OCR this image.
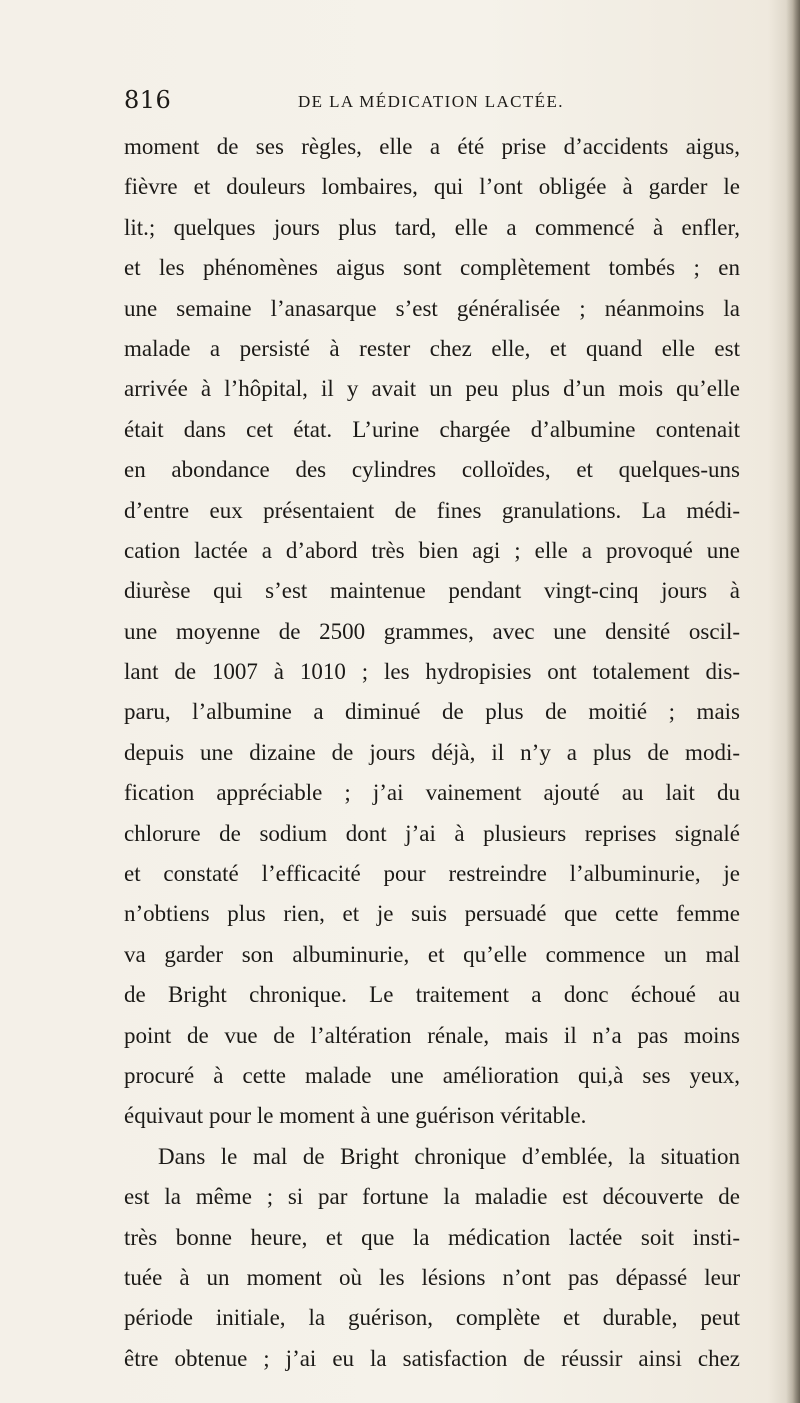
816	DE LA MÉDICATION LACTÉE.
moment de ses règles, elle a été prise d’accidents aigus,
fièvre et douleurs lombaires, qui l’ont obligée à garder le
lit.; quelques jours plus tard, elle a commencé à enfler,
et les phénomènes aigus sont complètement tombés ; en
une semaine l’anasarque s’est généralisée ; néanmoins la
malade a persisté à rester chez elle, et quand elle est
arrivée à l’hôpital, il y avait un peu plus d’un mois qu’elle
était dans cet état. L’urine chargée d’albumine contenait
en abondance des cylindres colloïdes, et quelques-uns
d’entre eux présentaient de fines granulations. La médi-
cation lactée a d’abord très bien agi ; elle a provoqué une
diurèse qui s’est maintenue pendant vingt-cinq jours à
une moyenne de 2500 grammes, avec une densité oscil-
lant de 1007 à 1010 ; les hydropisies ont totalement dis-
paru, l’albumine a diminué de plus de moitié ; mais
depuis une dizaine de jours déjà, il n’y a plus de modi-
fication appréciable ; j’ai vainement ajouté au lait du
chlorure de sodium dont j’ai à plusieurs reprises signalé
et constaté l’efficacité pour restreindre l’albuminurie, je
n’obtiens plus rien, et je suis persuadé que cette femme
va garder son albuminurie, et qu’elle commence un mal
de Bright chronique. Le traitement a donc échoué au
point de vue de l’altération rénale, mais il n’a pas moins
procuré à cette malade une amélioration qui,à ses yeux,
équivaut pour le moment à une guérison véritable.
Dans le mal de Bright chronique d’emblée, la situation
est la même ; si par fortune la maladie est découverte de
très bonne heure, et que la médication lactée soit insti-
tuée à un moment où les lésions n’ont pas dépassé leur
période initiale, la guérison, complète et durable, peut
être obtenue ; j’ai eu la satisfaction de réussir ainsi chez
